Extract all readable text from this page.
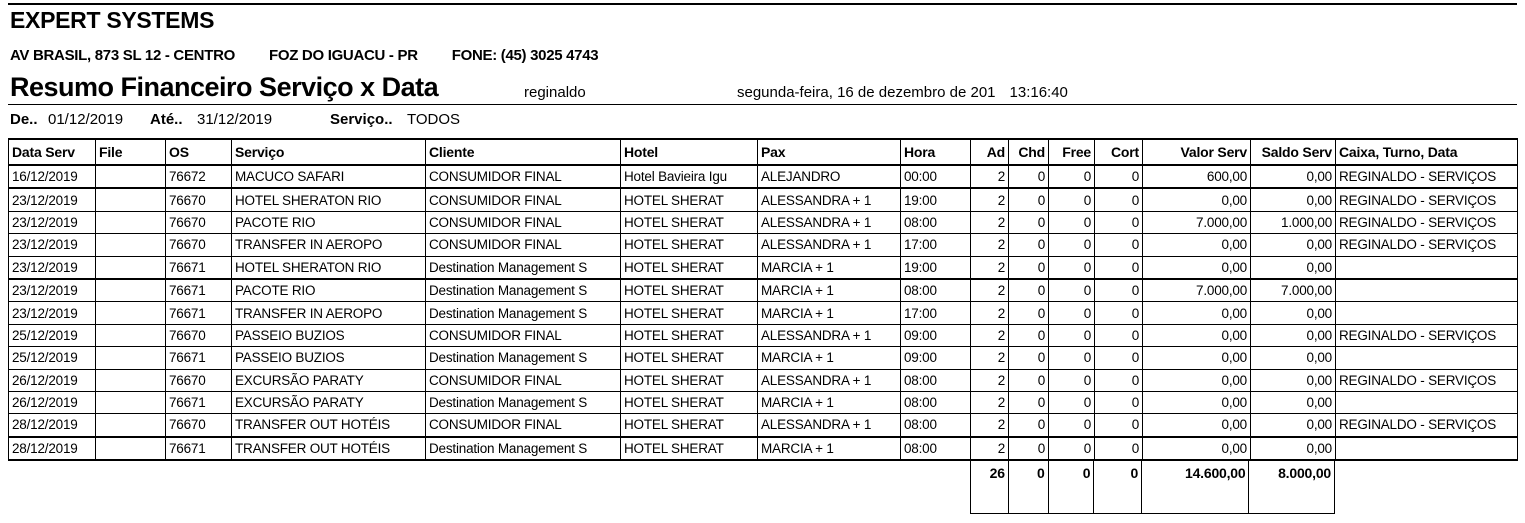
EXPERT SYSTEMS
AV BRASIL, 873 SL 12 - CENTRO FOZ DO IGUACU - PR FONE: (45) 3025 4743
Resumo Financeiro Serviço x Data	reginaldo	segunda-feira, 16 de dezembro de 201 13:16:40
De.. 01/12/2019 Até.. 31/12/2019	Serviço.. TODOS
Data Serv	File	OS	Serviço	Cliente	Hotel	Pax	Hora	Ad	Chd	Free	Cort	Valor Serv	Saldo Serv	Caixa, Turno, Data
16/12/2019		76672	MACUCO SAFARI	CONSUMIDOR FINAL	Hotel Bavieira Igu	ALEJANDRO	00:00	2	0	0	0	600,00	0,00	REGINALDO - SERVIÇOS
23/12/2019		76670	HOTEL SHERATON RIO	CONSUMIDOR FINAL	HOTEL SHERAT	ALESSANDRA + 1	19:00	2	0	0	0	0,00	0,00	REGINALDO - SERVIÇOS
23/12/2019		76670	PACOTE RIO	CONSUMIDOR FINAL	HOTEL SHERAT	ALESSANDRA + 1	08:00	2	0	0	0	7.000,00	1.000,00	REGINALDO - SERVIÇOS
23/12/2019		76670	TRANSFER IN AEROPO	CONSUMIDOR FINAL	HOTEL SHERAT	ALESSANDRA + 1	17:00	2	0	0	0	0,00	0,00	REGINALDO - SERVIÇOS
23/12/2019		76671	HOTEL SHERATON RIO	Destination Management S	HOTEL SHERAT	MARCIA + 1	19:00	2	0	0	0	0,00	0,00	
23/12/2019		76671	PACOTE RIO	Destination Management S	HOTEL SHERAT	MARCIA + 1	08:00	2	0	0	0	7.000,00	7.000,00	
23/12/2019		76671	TRANSFER IN AEROPO	Destination Management S	HOTEL SHERAT	MARCIA + 1	17:00	2	0	0	0	0,00	0,00	
25/12/2019		76670	PASSEIO BUZIOS	CONSUMIDOR FINAL	HOTEL SHERAT	ALESSANDRA + 1	09:00	2	0	0	0	0,00	0,00	REGINALDO - SERVIÇOS
25/12/2019		76671	PASSEIO BUZIOS	Destination Management S	HOTEL SHERAT	MARCIA + 1	09:00	2	0	0	0	0,00	0,00	
26/12/2019		76670	EXCURSÃO PARATY	CONSUMIDOR FINAL	HOTEL SHERAT	ALESSANDRA + 1	08:00	2	0	0	0	0,00	0,00	REGINALDO - SERVIÇOS
26/12/2019		76671	EXCURSÃO PARATY	Destination Management S	HOTEL SHERAT	MARCIA + 1	08:00	2	0	0	0	0,00	0,00	
28/12/2019		76670	TRANSFER OUT HOTÉIS	CONSUMIDOR FINAL	HOTEL SHERAT	ALESSANDRA + 1	08:00	2	0	0	0	0,00	0,00	REGINALDO - SERVIÇOS
28/12/2019		76671	TRANSFER OUT HOTÉIS	Destination Management S	HOTEL SHERAT	MARCIA + 1	08:00	2	0	0	0	0,00	0,00	
26	0	0	0	14.600,00	8.000,00
